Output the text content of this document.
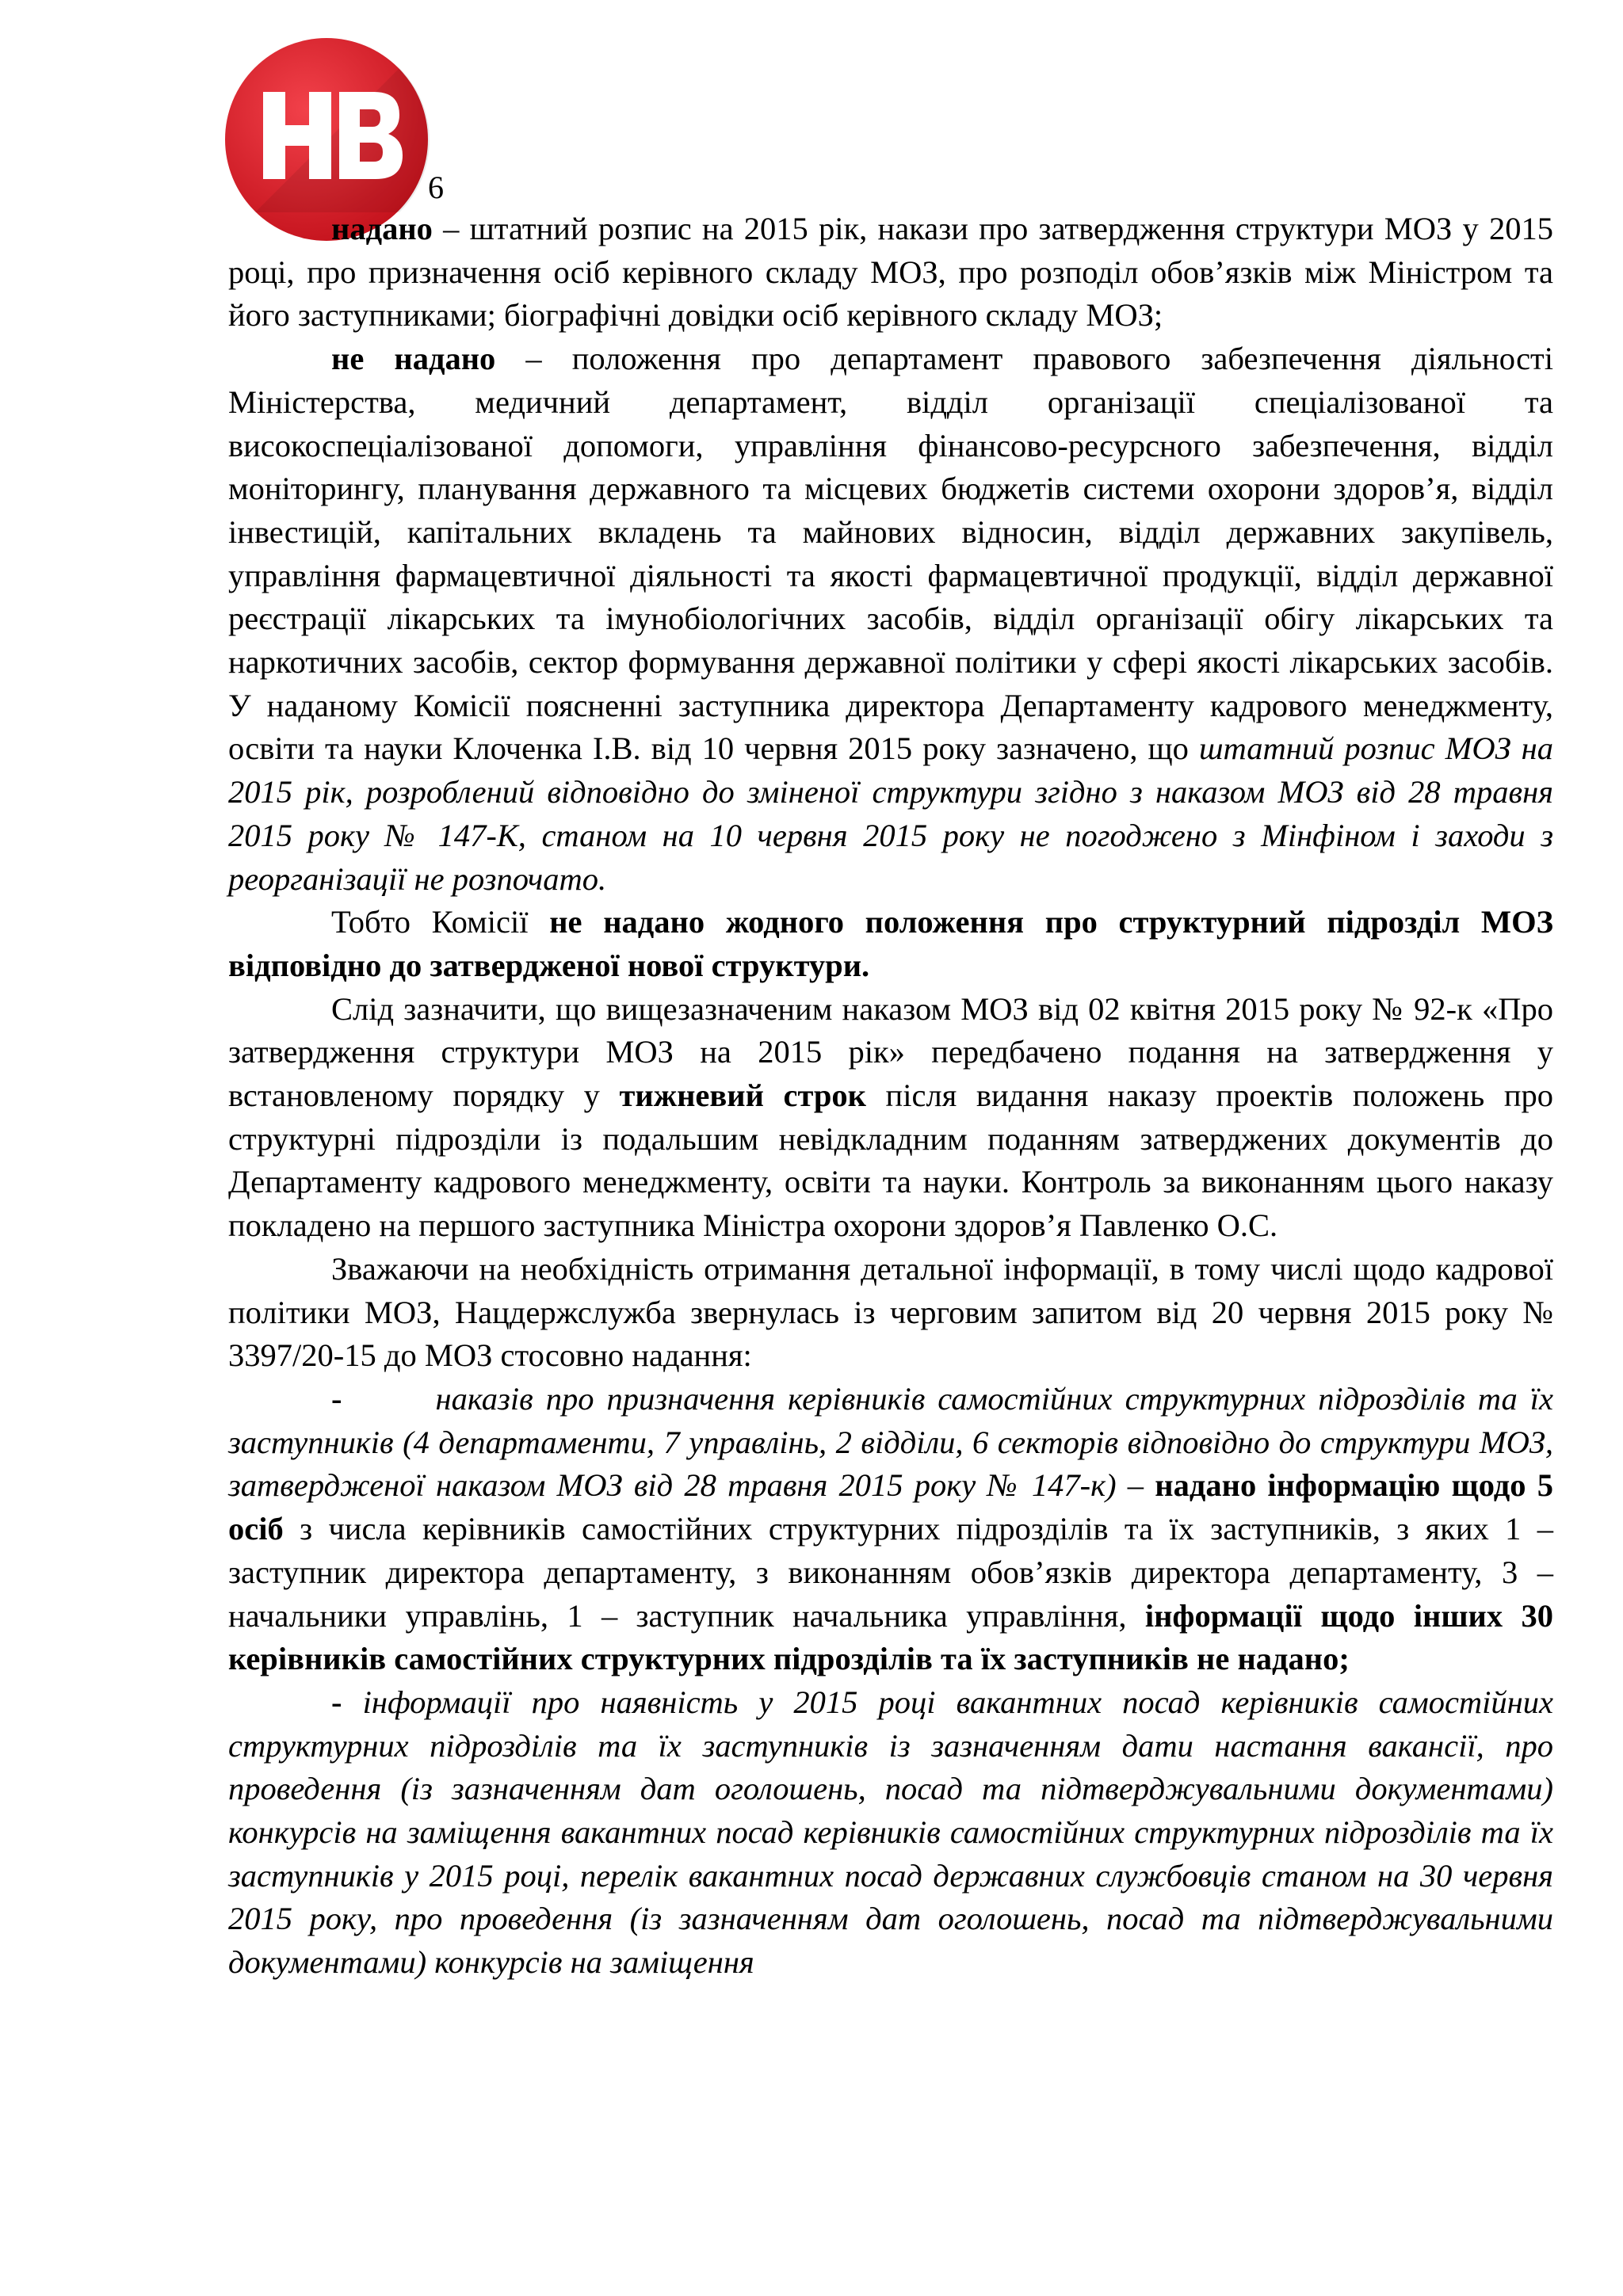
6

надано – штатний розпис на 2015 рік, накази про затвердження структури МОЗ у 2015 році, про призначення осіб керівного складу МОЗ, про розподіл обов’язків між Міністром та його заступниками; біографічні довідки осіб керівного складу МОЗ;

не надано – положення про департамент правового забезпечення діяльності Міністерства, медичний департамент, відділ організації спеціалізованої та високоспеціалізованої допомоги, управління фінансово-ресурсного забезпечення, відділ моніторингу, планування державного та місцевих бюджетів системи охорони здоров’я, відділ інвестицій, капітальних вкладень та майнових відносин, відділ державних закупівель, управління фармацевтичної діяльності та якості фармацевтичної продукції, відділ державної реєстрації лікарських та імунобіологічних засобів, відділ організації обігу лікарських та наркотичних засобів, сектор формування державної політики у сфері якості лікарських засобів. У наданому Комісії поясненні заступника директора Департаменту кадрового менеджменту, освіти та науки Клоченка І.В. від 10 червня 2015 року зазначено, що штатний розпис МОЗ на 2015 рік, розроблений відповідно до зміненої структури згідно з наказом МОЗ від 28 травня 2015 року № 147-К, станом на 10 червня 2015 року не погоджено з Мінфіном і заходи з реорганізації не розпочато.

Тобто Комісії не надано жодного положення про структурний підрозділ МОЗ відповідно до затвердженої нової структури.

Слід зазначити, що вищезазначеним наказом МОЗ від 02 квітня 2015 року № 92-к «Про затвердження структури МОЗ на 2015 рік» передбачено подання на затвердження у встановленому порядку у тижневий строк після видання наказу проектів положень про структурні підрозділи із подальшим невідкладним поданням затверджених документів до Департаменту кадрового менеджменту, освіти та науки. Контроль за виконанням цього наказу покладено на першого заступника Міністра охорони здоров’я Павленко О.С.

Зважаючи на необхідність отримання детальної інформації, в тому числі щодо кадрової політики МОЗ, Нацдержслужба звернулась із черговим запитом від 20 червня 2015 року № 3397/20-15 до МОЗ стосовно надання:

-	наказів про призначення керівників самостійних структурних підрозділів та їх заступників (4 департаменти, 7 управлінь, 2 відділи, 6 секторів відповідно до структури МОЗ, затвердженої наказом МОЗ від 28 травня 2015 року № 147-к) – надано інформацію щодо 5 осіб з числа керівників самостійних структурних підрозділів та їх заступників, з яких 1 – заступник директора департаменту, з виконанням обов’язків директора департаменту, 3 – начальники управлінь, 1 – заступник начальника управління, інформації щодо інших 30 керівників самостійних структурних підрозділів та їх заступників не надано;

- інформації про наявність у 2015 році вакантних посад керівників самостійних структурних підрозділів та їх заступників із зазначенням дати настання вакансії, про проведення (із зазначенням дат оголошень, посад та підтверджувальними документами) конкурсів на заміщення вакантних посад керівників самостійних структурних підрозділів та їх заступників у 2015 році, перелік вакантних посад державних службовців станом на 30 червня 2015 року, про проведення (із зазначенням дат оголошень, посад та підтверджувальними документами) конкурсів на заміщення
